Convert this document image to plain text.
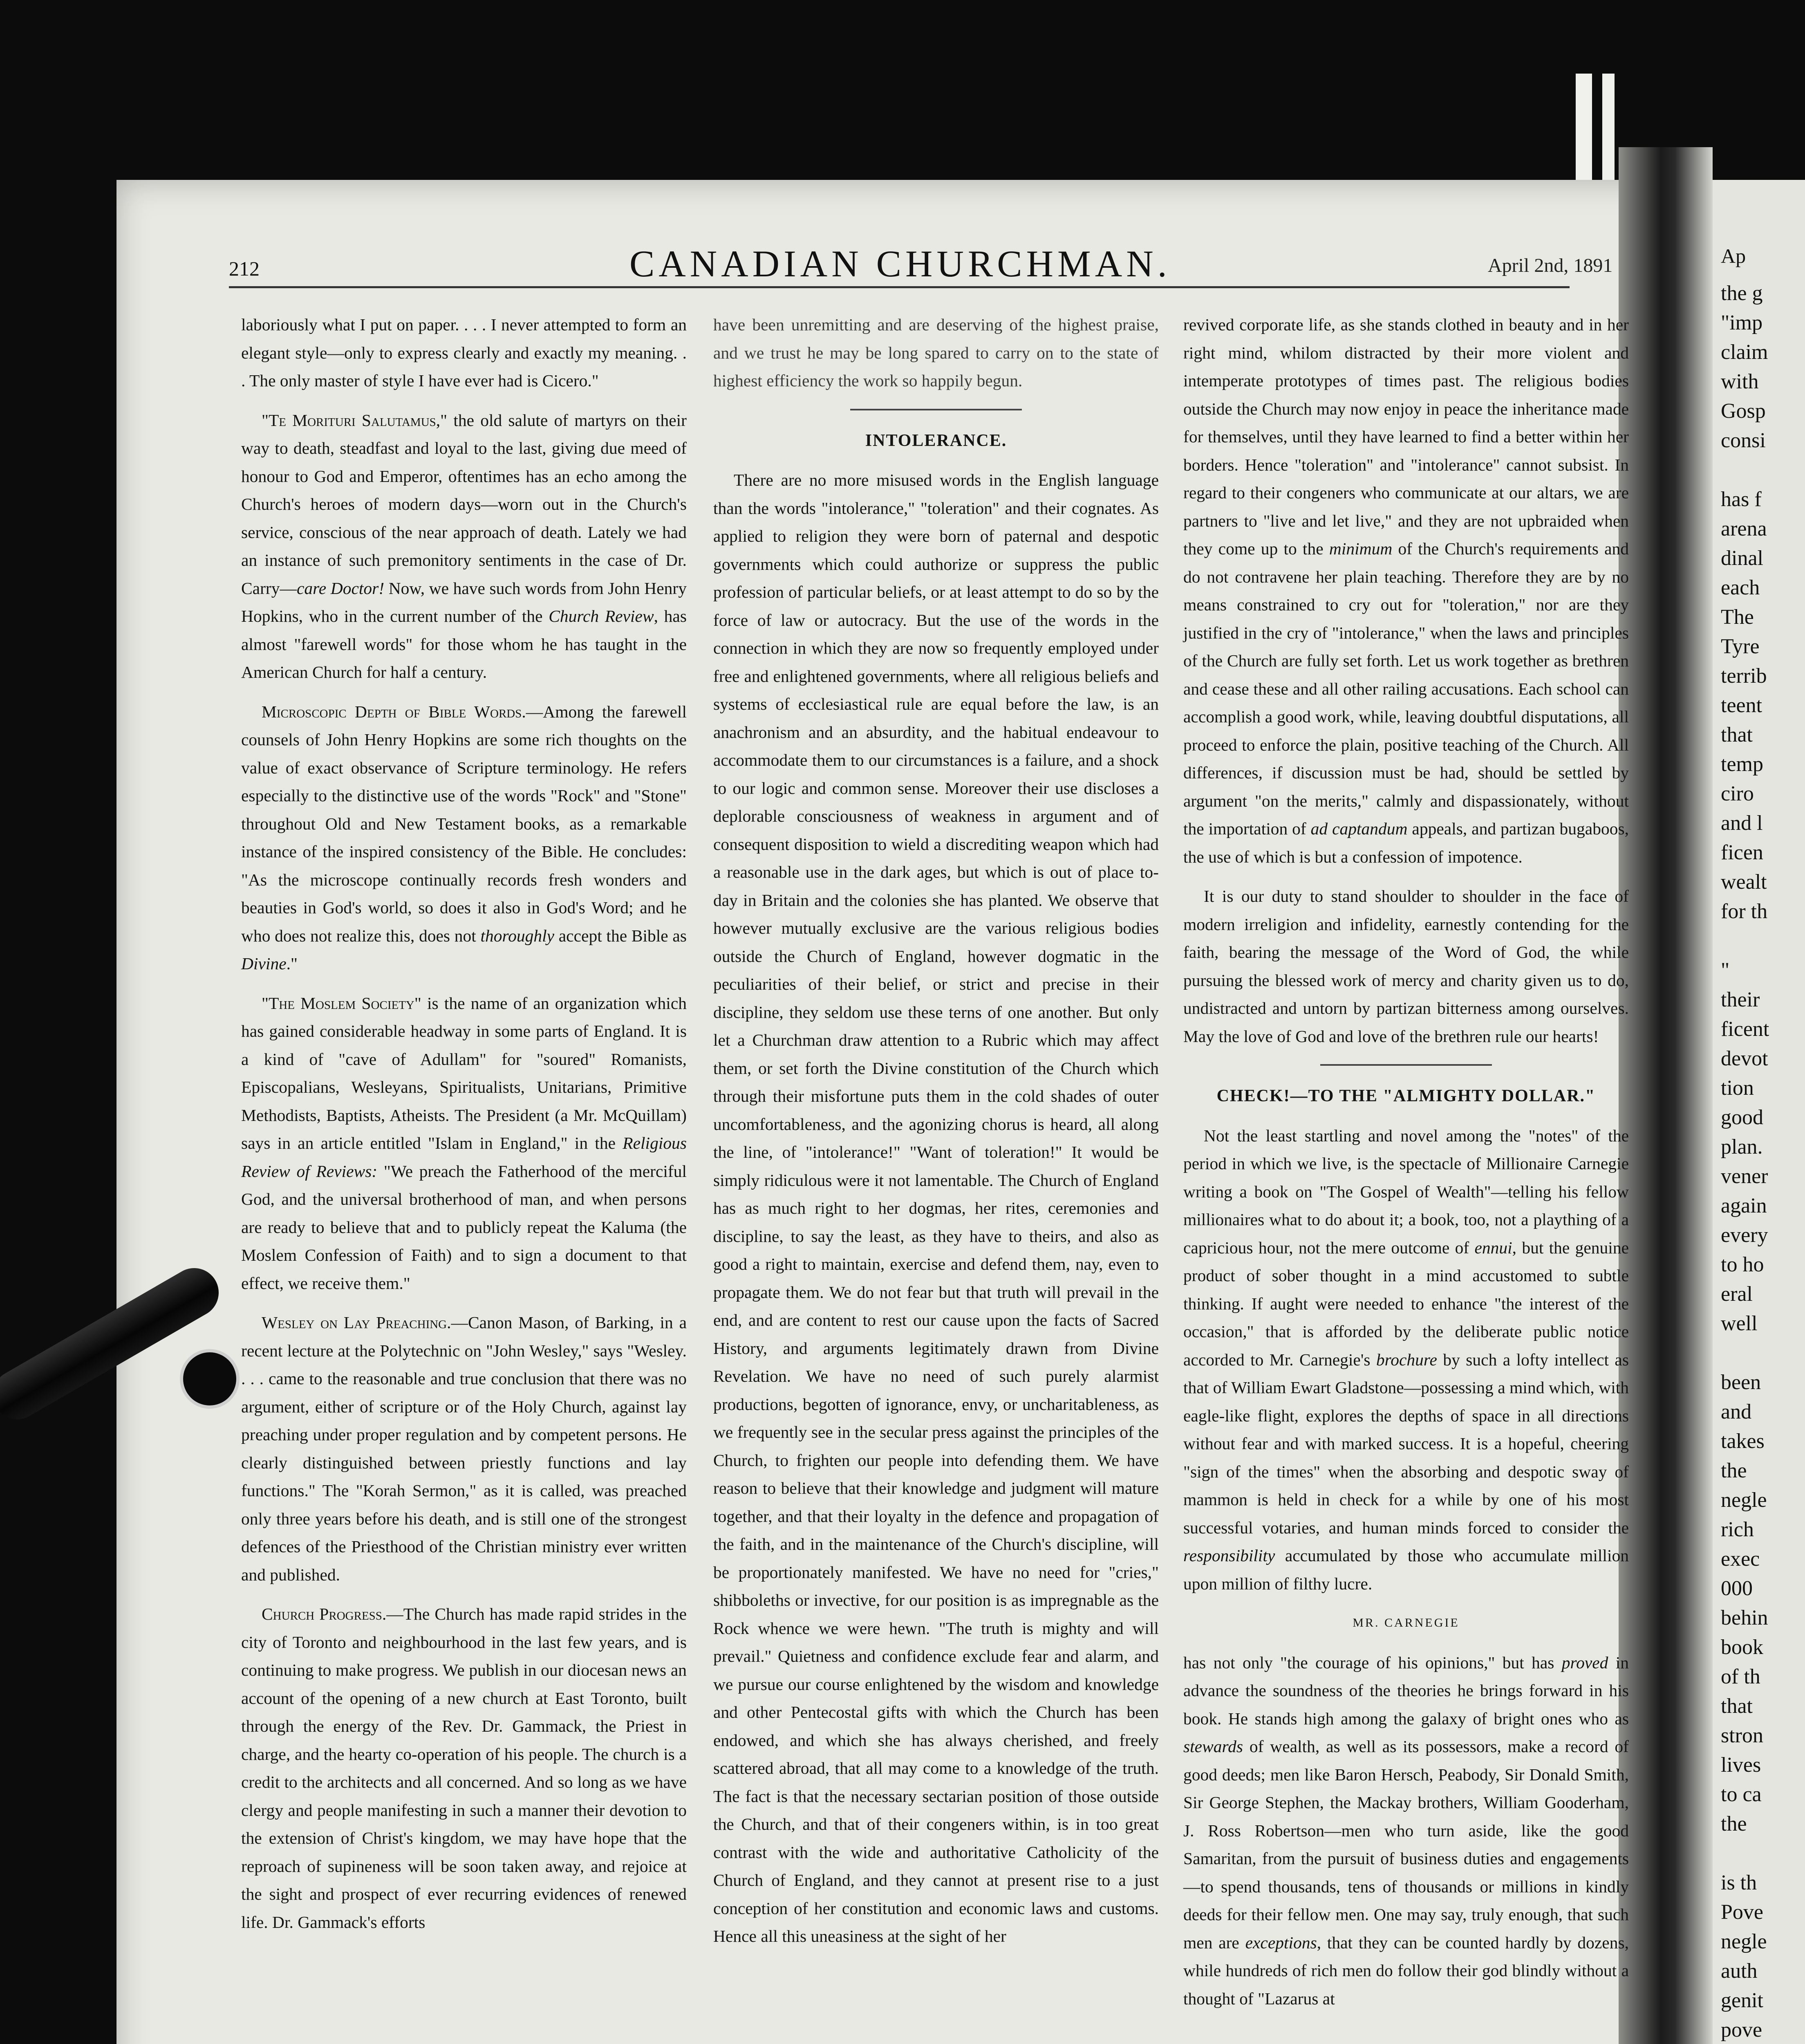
Ap
the g
"imp
claim
with
Gosp
consi

has f
arena
dinal
each
The
Tyre
terrib
teent
that
temp
ciro
and l
ficen
wealt
for th

"
their
ficent
devot
tion
good
plan.
vener
again
every
to ho
eral
well

been
and
takes
the
negle
rich
exec
000
behin
book
of th
that
stron
lives
to ca
the

is th
Pove
negle
auth
genit
pove
212	CANADIAN CHURCHMAN.	April 2nd, 1891

laboriously what I put on paper. . . . I never attempted to form an elegant style—only to express clearly and exactly my meaning. . . The only master of style I have ever had is Cicero."

"Te Morituri Salutamus," the old salute of martyrs on their way to death, steadfast and loyal to the last, giving due meed of honour to God and Emperor, oftentimes has an echo among the Church's heroes of modern days—worn out in the Church's service, conscious of the near approach of death. Lately we had an instance of such premonitory sentiments in the case of Dr. Carry—care Doctor! Now, we have such words from John Henry Hopkins, who in the current number of the Church Review, has almost "farewell words" for those whom he has taught in the American Church for half a century.

Microscopic Depth of Bible Words.—Among the farewell counsels of John Henry Hopkins are some rich thoughts on the value of exact observance of Scripture terminology. He refers especially to the distinctive use of the words "Rock" and "Stone" throughout Old and New Testament books, as a remarkable instance of the inspired consistency of the Bible. He concludes: "As the microscope continually records fresh wonders and beauties in God's world, so does it also in God's Word; and he who does not realize this, does not thoroughly accept the Bible as Divine."

"The Moslem Society" is the name of an organization which has gained considerable headway in some parts of England. It is a kind of "cave of Adullam" for "soured" Romanists, Episcopalians, Wesleyans, Spiritualists, Unitarians, Primitive Methodists, Baptists, Atheists. The President (a Mr. McQuillam) says in an article entitled "Islam in England," in the Religious Review of Reviews: "We preach the Fatherhood of the merciful God, and the universal brotherhood of man, and when persons are ready to believe that and to publicly repeat the Kaluma (the Moslem Confession of Faith) and to sign a document to that effect, we receive them."

Wesley on Lay Preaching.—Canon Mason, of Barking, in a recent lecture at the Polytechnic on "John Wesley," says "Wesley. . . . came to the reasonable and true conclusion that there was no argument, either of scripture or of the Holy Church, against lay preaching under proper regulation and by competent persons. He clearly distinguished between priestly functions and lay functions." The "Korah Sermon," as it is called, was preached only three years before his death, and is still one of the strongest defences of the Priesthood of the Christian ministry ever written and published.

Church Progress.—The Church has made rapid strides in the city of Toronto and neighbourhood in the last few years, and is continuing to make progress. We publish in our diocesan news an account of the opening of a new church at East Toronto, built through the energy of the Rev. Dr. Gammack, the Priest in charge, and the hearty co-operation of his people. The church is a credit to the architects and all concerned. And so long as we have clergy and people manifesting in such a manner their devotion to the extension of Christ's kingdom, we may have hope that the reproach of supineness will be soon taken away, and rejoice at the sight and prospect of ever recurring evidences of renewed life. Dr. Gammack's efforts

have been unremitting and are deserving of the highest praise, and we trust he may be long spared to carry on to the state of highest efficiency the work so happily begun.

INTOLERANCE.

There are no more misused words in the English language than the words "intolerance," "toleration" and their cognates. As applied to religion they were born of paternal and despotic governments which could authorize or suppress the public profession of particular beliefs, or at least attempt to do so by the force of law or autocracy. But the use of the words in the connection in which they are now so frequently employed under free and enlightened governments, where all religious beliefs and systems of ecclesiastical rule are equal before the law, is an anachronism and an absurdity, and the habitual endeavour to accommodate them to our circumstances is a failure, and a shock to our logic and common sense. Moreover their use discloses a deplorable consciousness of weakness in argument and of consequent disposition to wield a discrediting weapon which had a reasonable use in the dark ages, but which is out of place to-day in Britain and the colonies she has planted. We observe that however mutually exclusive are the various religious bodies outside the Church of England, however dogmatic in the peculiarities of their belief, or strict and precise in their discipline, they seldom use these terns of one another. But only let a Churchman draw attention to a Rubric which may affect them, or set forth the Divine constitution of the Church which through their misfortune puts them in the cold shades of outer uncomfortableness, and the agonizing chorus is heard, all along the line, of "intolerance!" "Want of toleration!" It would be simply ridiculous were it not lamentable. The Church of England has as much right to her dogmas, her rites, ceremonies and discipline, to say the least, as they have to theirs, and also as good a right to maintain, exercise and defend them, nay, even to propagate them. We do not fear but that truth will prevail in the end, and are content to rest our cause upon the facts of Sacred History, and arguments legitimately drawn from Divine Revelation. We have no need of such purely alarmist productions, begotten of ignorance, envy, or uncharitableness, as we frequently see in the secular press against the principles of the Church, to frighten our people into defending them. We have reason to believe that their knowledge and judgment will mature together, and that their loyalty in the defence and propagation of the faith, and in the maintenance of the Church's discipline, will be proportionately manifested. We have no need for "cries," shibboleths or invective, for our position is as impregnable as the Rock whence we were hewn. "The truth is mighty and will prevail." Quietness and confidence exclude fear and alarm, and we pursue our course enlightened by the wisdom and knowledge and other Pentecostal gifts with which the Church has been endowed, and which she has always cherished, and freely scattered abroad, that all may come to a knowledge of the truth. The fact is that the necessary sectarian position of those outside the Church, and that of their congeners within, is in too great contrast with the wide and authoritative Catholicity of the Church of England, and they cannot at present rise to a just conception of her constitution and economic laws and customs. Hence all this uneasiness at the sight of her

revived corporate life, as she stands clothed in beauty and in her right mind, whilom distracted by their more violent and intemperate prototypes of times past. The religious bodies outside the Church may now enjoy in peace the inheritance made for themselves, until they have learned to find a better within her borders. Hence "toleration" and "intolerance" cannot subsist. In regard to their congeners who communicate at our altars, we are partners to "live and let live," and they are not upbraided when they come up to the minimum of the Church's requirements and do not contravene her plain teaching. Therefore they are by no means constrained to cry out for "toleration," nor are they justified in the cry of "intolerance," when the laws and principles of the Church are fully set forth. Let us work together as brethren and cease these and all other railing accusations. Each school can accomplish a good work, while, leaving doubtful disputations, all proceed to enforce the plain, positive teaching of the Church. All differences, if discussion must be had, should be settled by argument "on the merits," calmly and dispassionately, without the importation of ad captandum appeals, and partizan bugaboos, the use of which is but a confession of impotence.

It is our duty to stand shoulder to shoulder in the face of modern irreligion and infidelity, earnestly contending for the faith, bearing the message of the Word of God, the while pursuing the blessed work of mercy and charity given us to do, undistracted and untorn by partizan bitterness among ourselves. May the love of God and love of the brethren rule our hearts!

CHECK!—TO THE "ALMIGHTY DOLLAR."

Not the least startling and novel among the "notes" of the period in which we live, is the spectacle of Millionaire Carnegie writing a book on "The Gospel of Wealth"—telling his fellow millionaires what to do about it; a book, too, not a plaything of a capricious hour, not the mere outcome of ennui, but the genuine product of sober thought in a mind accustomed to subtle thinking. If aught were needed to enhance "the interest of the occasion," that is afforded by the deliberate public notice accorded to Mr. Carnegie's brochure by such a lofty intellect as that of William Ewart Gladstone—possessing a mind which, with eagle-like flight, explores the depths of space in all directions without fear and with marked success. It is a hopeful, cheering "sign of the times" when the absorbing and despotic sway of mammon is held in check for a while by one of his most successful votaries, and human minds forced to consider the responsibility accumulated by those who accumulate million upon million of filthy lucre.

MR. CARNEGIE

has not only "the courage of his opinions," but has proved in advance the soundness of the theories he brings forward in his book. He stands high among the galaxy of bright ones who as stewards of wealth, as well as its possessors, make a record of good deeds; men like Baron Hersch, Peabody, Sir Donald Smith, Sir George Stephen, the Mackay brothers, William Gooderham, J. Ross Robertson—men who turn aside, like the good Samaritan, from the pursuit of business duties and engagements—to spend thousands, tens of thousands or millions in kindly deeds for their fellow men. One may say, truly enough, that such men are exceptions, that they can be counted hardly by dozens, while hundreds of rich men do follow their god blindly without a thought of "Lazarus at
